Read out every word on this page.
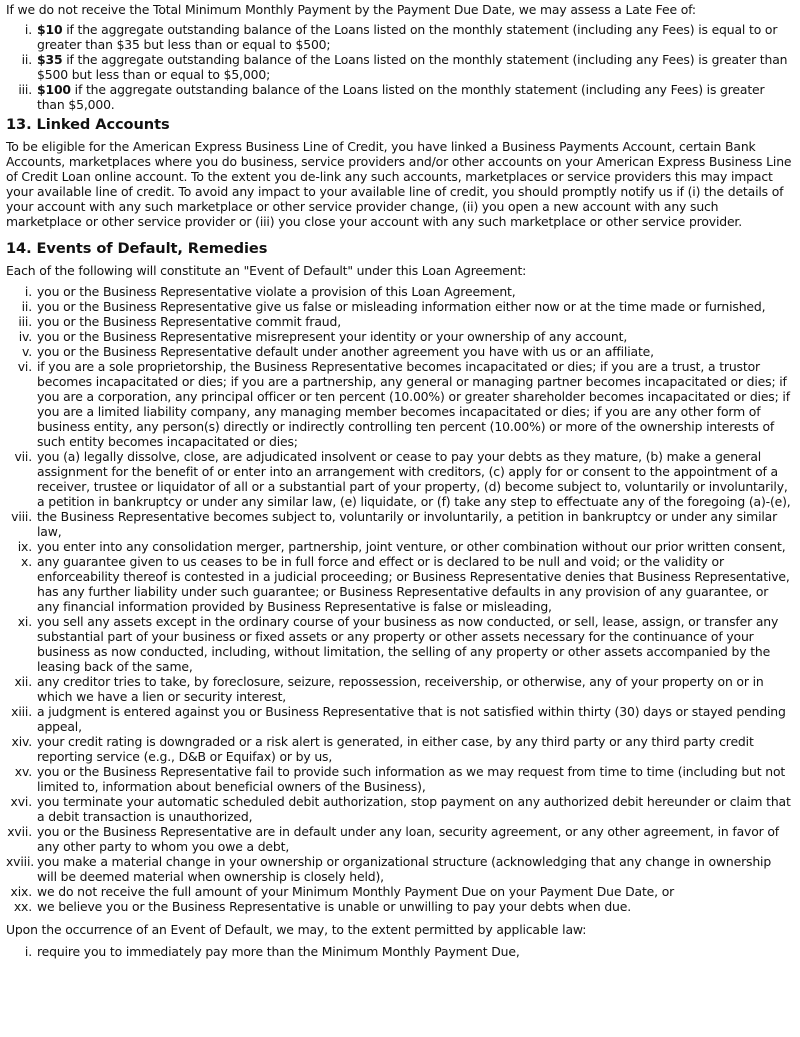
If we do not receive the Total Minimum Monthly Payment by the Payment Due Date, we may assess a Late Fee of:

i. $10 if the aggregate outstanding balance of the Loans listed on the monthly statement (including any Fees) is equal to or greater than $35 but less than or equal to $500;
ii. $35 if the aggregate outstanding balance of the Loans listed on the monthly statement (including any Fees) is greater than $500 but less than or equal to $5,000;
iii. $100 if the aggregate outstanding balance of the Loans listed on the monthly statement (including any Fees) is greater than $5,000.
13. Linked Accounts

To be eligible for the American Express Business Line of Credit, you have linked a Business Payments Account, certain Bank Accounts, marketplaces where you do business, service providers and/or other accounts on your American Express Business Line of Credit Loan online account. To the extent you de-link any such accounts, marketplaces or service providers this may impact your available line of credit. To avoid any impact to your available line of credit, you should promptly notify us if (i) the details of your account with any such marketplace or other service provider change, (ii) you open a new account with any such marketplace or other service provider or (iii) you close your account with any such marketplace or other service provider.

14. Events of Default, Remedies

Each of the following will constitute an "Event of Default" under this Loan Agreement:

i. you or the Business Representative violate a provision of this Loan Agreement,
ii. you or the Business Representative give us false or misleading information either now or at the time made or furnished,
iii. you or the Business Representative commit fraud,
iv. you or the Business Representative misrepresent your identity or your ownership of any account,
v. you or the Business Representative default under another agreement you have with us or an affiliate,
vi. if you are a sole proprietorship, the Business Representative becomes incapacitated or dies; if you are a trust, a trustor becomes incapacitated or dies; if you are a partnership, any general or managing partner becomes incapacitated or dies; if you are a corporation, any principal officer or ten percent (10.00%) or greater shareholder becomes incapacitated or dies; if you are a limited liability company, any managing member becomes incapacitated or dies; if you are any other form of business entity, any person(s) directly or indirectly controlling ten percent (10.00%) or more of the ownership interests of such entity becomes incapacitated or dies;
vii. you (a) legally dissolve, close, are adjudicated insolvent or cease to pay your debts as they mature, (b) make a general assignment for the benefit of or enter into an arrangement with creditors, (c) apply for or consent to the appointment of a receiver, trustee or liquidator of all or a substantial part of your property, (d) become subject to, voluntarily or involuntarily, a petition in bankruptcy or under any similar law, (e) liquidate, or (f) take any step to effectuate any of the foregoing (a)-(e),
viii. the Business Representative becomes subject to, voluntarily or involuntarily, a petition in bankruptcy or under any similar law,
ix. you enter into any consolidation merger, partnership, joint venture, or other combination without our prior written consent,
x. any guarantee given to us ceases to be in full force and effect or is declared to be null and void; or the validity or enforceability thereof is contested in a judicial proceeding; or Business Representative denies that Business Representative, has any further liability under such guarantee; or Business Representative defaults in any provision of any guarantee, or any financial information provided by Business Representative is false or misleading,
xi. you sell any assets except in the ordinary course of your business as now conducted, or sell, lease, assign, or transfer any substantial part of your business or fixed assets or any property or other assets necessary for the continuance of your business as now conducted, including, without limitation, the selling of any property or other assets accompanied by the leasing back of the same,
xii. any creditor tries to take, by foreclosure, seizure, repossession, receivership, or otherwise, any of your property on or in which we have a lien or security interest,
xiii. a judgment is entered against you or Business Representative that is not satisfied within thirty (30) days or stayed pending appeal,
xiv. your credit rating is downgraded or a risk alert is generated, in either case, by any third party or any third party credit reporting service (e.g., D&B or Equifax) or by us,
xv. you or the Business Representative fail to provide such information as we may request from time to time (including but not limited to, information about beneficial owners of the Business),
xvi. you terminate your automatic scheduled debit authorization, stop payment on any authorized debit hereunder or claim that a debit transaction is unauthorized,
xvii. you or the Business Representative are in default under any loan, security agreement, or any other agreement, in favor of any other party to whom you owe a debt,
xviii. you make a material change in your ownership or organizational structure (acknowledging that any change in ownership will be deemed material when ownership is closely held),
xix. we do not receive the full amount of your Minimum Monthly Payment Due on your Payment Due Date, or
xx. we believe you or the Business Representative is unable or unwilling to pay your debts when due.

Upon the occurrence of an Event of Default, we may, to the extent permitted by applicable law:

i. require you to immediately pay more than the Minimum Monthly Payment Due,
